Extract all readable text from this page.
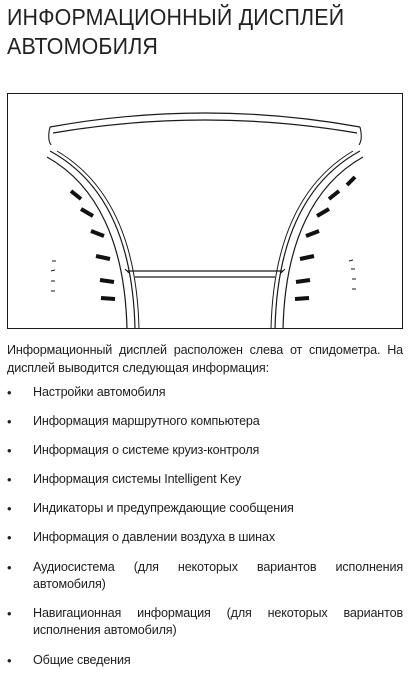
ИНФОРМАЦИОННЫЙ ДИСПЛЕЙ
АВТОМОБИЛЯ
Информационный дисплей расположен слева от спидометра. На дисплей выводится следующая информация:
• Настройки автомобиля
• Информация маршрутного компьютера
• Информация о системе круиз-контроля
• Информация системы Intelligent Key
• Индикаторы и предупреждающие сообщения
• Информация о давлении воздуха в шинах
• Аудиосистема (для некоторых вариантов исполнения автомобиля)
• Навигационная информация (для некоторых вариантов исполнения автомобиля)
• Общие сведения
